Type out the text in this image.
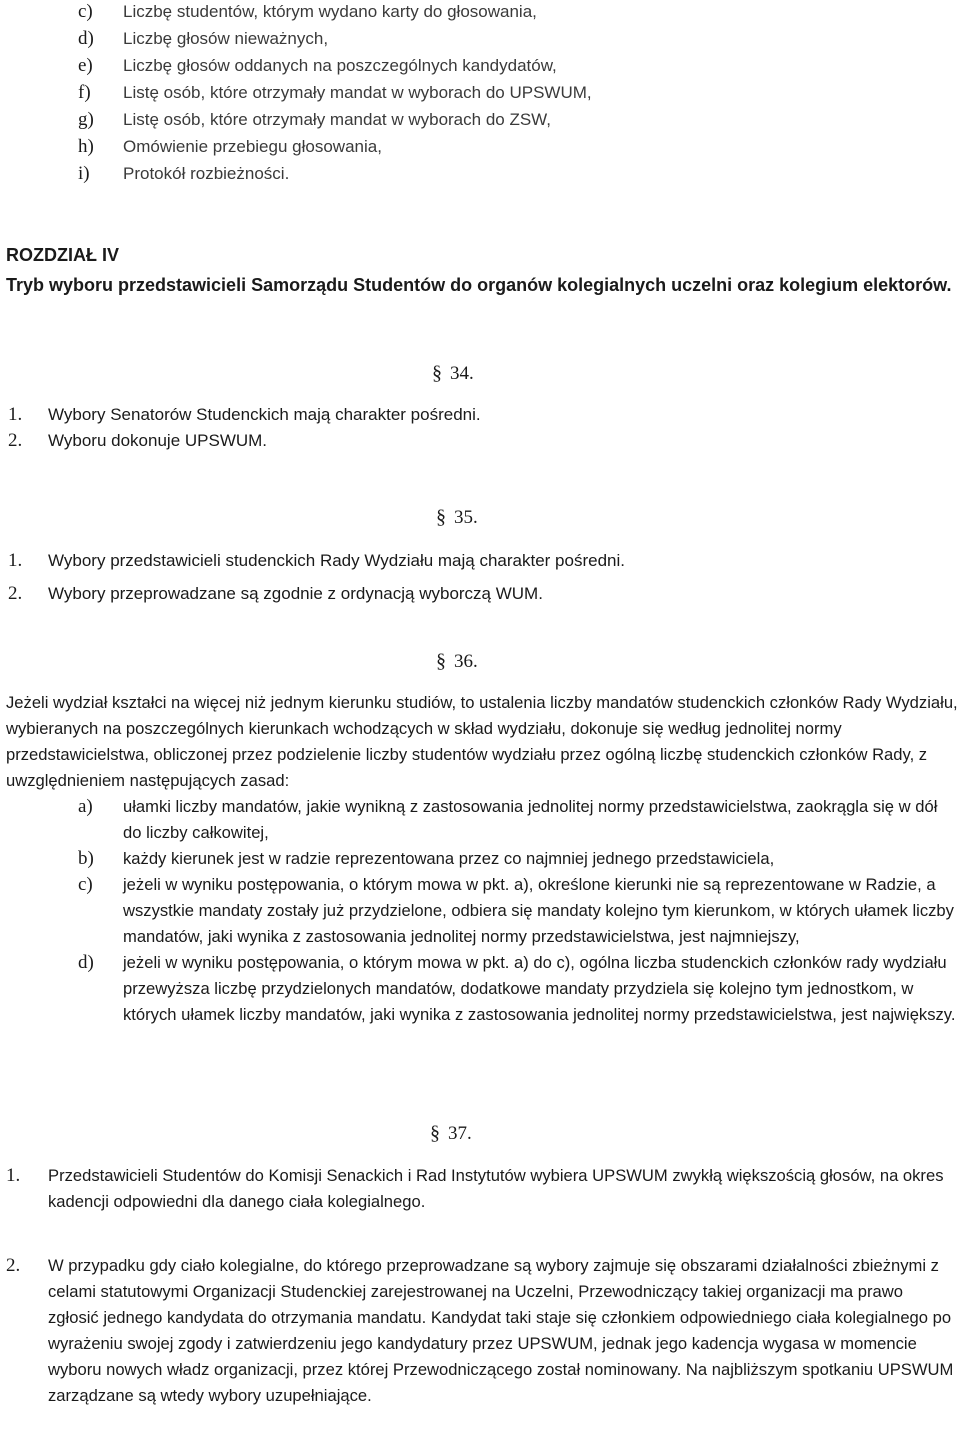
c) Liczbę studentów, którym wydano karty do głosowania,
d) Liczbę głosów nieważnych,
e) Liczbę głosów oddanych na poszczególnych kandydatów,
f) Listę osób, które otrzymały mandat w wyborach do UPSWUM,
g) Listę osób, które otrzymały mandat w wyborach do ZSW,
h) Omówienie przebiegu głosowania,
i) Protokół rozbieżności.
ROZDZIAŁ IV
Tryb wyboru przedstawicieli Samorządu Studentów do organów kolegialnych uczelni oraz kolegium elektorów.
§ 34.
1. Wybory Senatorów Studenckich mają charakter pośredni.
2. Wyboru dokonuje UPSWUM.
§ 35.
1. Wybory przedstawicieli studenckich Rady Wydziału mają charakter pośredni.
2. Wybory przeprowadzane są zgodnie z ordynacją wyborczą WUM.
§ 36.
Jeżeli wydział kształci na więcej niż jednym kierunku studiów, to ustalenia liczby mandatów studenckich członków Rady Wydziału, wybieranych na poszczególnych kierunkach wchodzących w skład wydziału, dokonuje się według jednolitej normy przedstawicielstwa, obliczonej przez podzielenie liczby studentów wydziału przez ogólną liczbę studenckich członków Rady, z uwzględnieniem następujących zasad:
a) ułamki liczby mandatów, jakie wynikną z zastosowania jednolitej normy przedstawicielstwa, zaokrągla się w dół do liczby całkowitej,
b) każdy kierunek jest w radzie reprezentowana przez co najmniej jednego przedstawiciela,
c) jeżeli w wyniku postępowania, o którym mowa w pkt. a), określone kierunki nie są reprezentowane w Radzie, a wszystkie mandaty zostały już przydzielone, odbiera się mandaty kolejno tym kierunkom, w których ułamek liczby mandatów, jaki wynika z zastosowania jednolitej normy przedstawicielstwa, jest najmniejszy,
d) jeżeli w wyniku postępowania, o którym mowa w pkt. a) do c), ogólna liczba studenckich członków rady wydziału przewyższa liczbę przydzielonych mandatów, dodatkowe mandaty przydziela się kolejno tym jednostkom, w których ułamek liczby mandatów, jaki wynika z zastosowania jednolitej normy przedstawicielstwa, jest największy.
§ 37.
1. Przedstawicieli Studentów do Komisji Senackich i Rad Instytutów wybiera UPSWUM zwykłą większością głosów, na okres kadencji odpowiedni dla danego ciała kolegialnego.
2. W przypadku gdy ciało kolegialne, do którego przeprowadzane są wybory zajmuje się obszarami działalności zbieżnymi z celami statutowymi Organizacji Studenckiej zarejestrowanej na Uczelni, Przewodniczący takiej organizacji ma prawo zgłosić jednego kandydata do otrzymania mandatu. Kandydat taki staje się członkiem odpowiedniego ciała kolegialnego po wyrażeniu swojej zgody i zatwierdzeniu jego kandydatury przez UPSWUM, jednak jego kadencja wygasa w momencie wyboru nowych władz organizacji, przez której Przewodniczącego został nominowany. Na najbliższym spotkaniu UPSWUM zarządzane są wtedy wybory uzupełniające.
